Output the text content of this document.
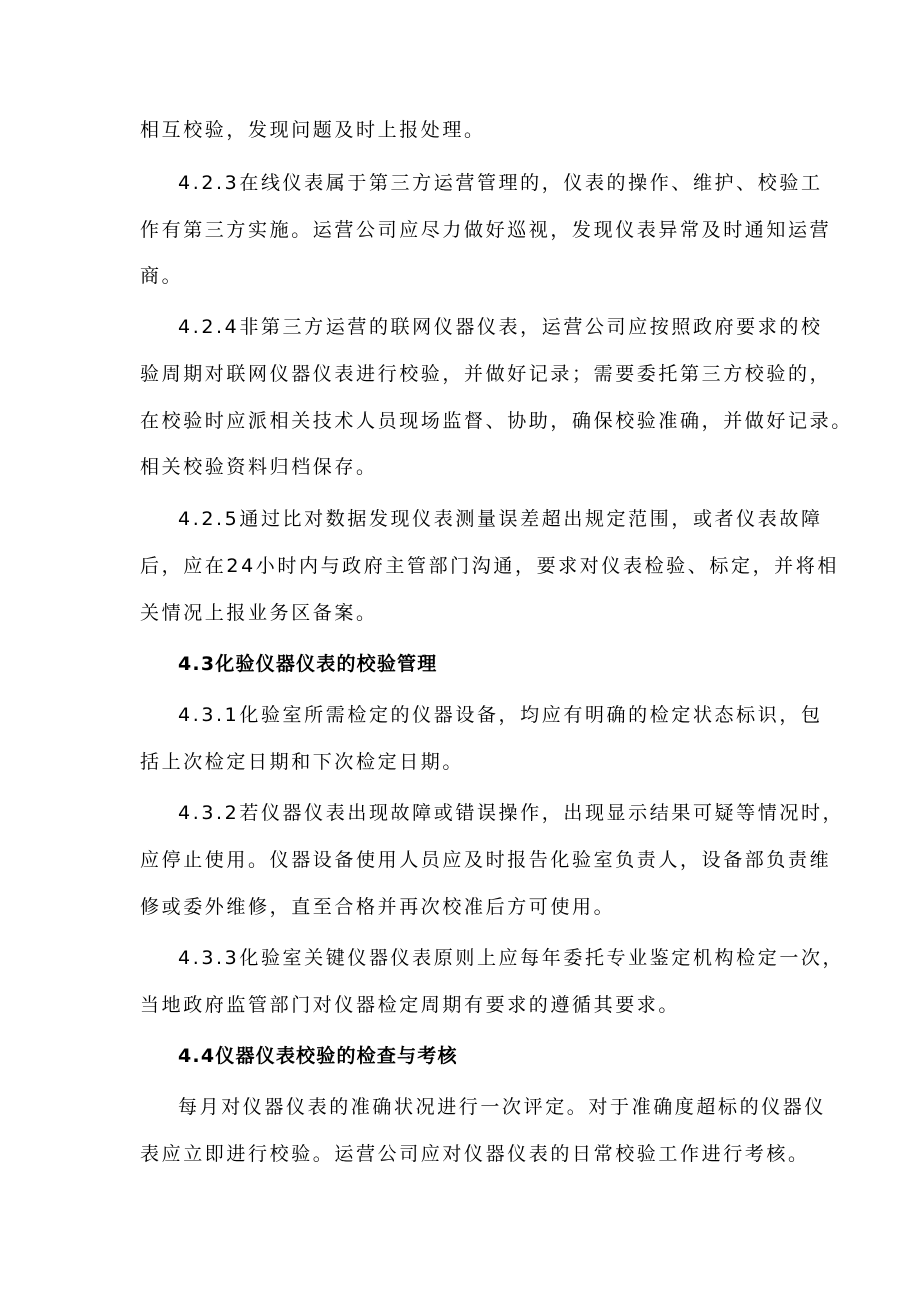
相互校验，发现问题及时上报处理。
4.2.3在线仪表属于第三方运营管理的，仪表的操作、维护、校验工
作有第三方实施。运营公司应尽力做好巡视，发现仪表异常及时通知运营
商。
4.2.4非第三方运营的联网仪器仪表，运营公司应按照政府要求的校
验周期对联网仪器仪表进行校验，并做好记录；需要委托第三方校验的，
在校验时应派相关技术人员现场监督、协助，确保校验准确，并做好记录。
相关校验资料归档保存。
4.2.5通过比对数据发现仪表测量误差超出规定范围，或者仪表故障
后，应在24小时内与政府主管部门沟通，要求对仪表检验、标定，并将相
关情况上报业务区备案。
4.3化验仪器仪表的校验管理
4.3.1化验室所需检定的仪器设备，均应有明确的检定状态标识，包
括上次检定日期和下次检定日期。
4.3.2若仪器仪表出现故障或错误操作，出现显示结果可疑等情况时，
应停止使用。仪器设备使用人员应及时报告化验室负责人，设备部负责维
修或委外维修，直至合格并再次校准后方可使用。
4.3.3化验室关键仪器仪表原则上应每年委托专业鉴定机构检定一次，
当地政府监管部门对仪器检定周期有要求的遵循其要求。
4.4仪器仪表校验的检查与考核
每月对仪器仪表的准确状况进行一次评定。对于准确度超标的仪器仪
表应立即进行校验。运营公司应对仪器仪表的日常校验工作进行考核。
